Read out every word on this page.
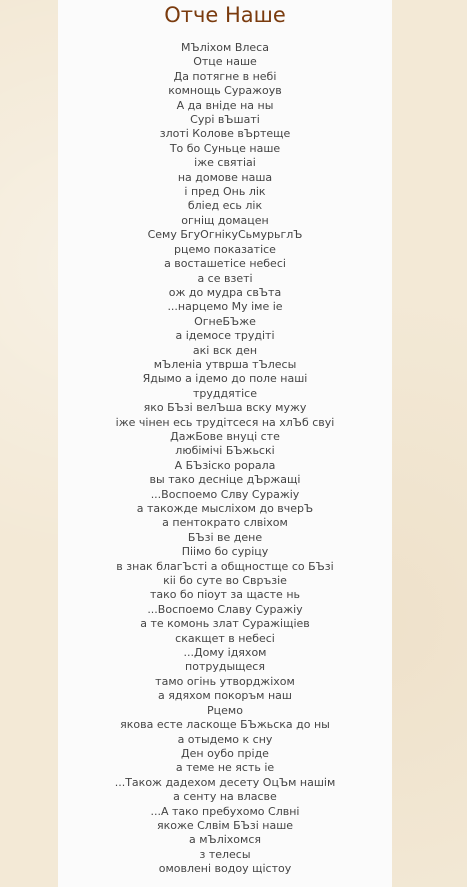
Отче Наше
МЪліхом Влеса
Отце наше
Да потягне в небі
комнощь Суражоув
А да вніде на ны
Сурі вЪшаті
злоті Колове вЪртеще
То бо Суньце наше
іже святіаі
на домове наша
і пред Онь лік
бліед есь лік
огніщ домацен
Сему БгуОгнікуСьмурьглЪ
рцемо показатісе
а восташетісе небесі
а се взеті
ож до мудра свЪта
...нарцемо Му іме іе
ОгнеБЪже
а ідемосе трудіті
акі вск ден
мЪленіа утврша тЪлесы
Ядымо а ідемо до поле наші
труддятісе
яко БЪзі велЪша вску мужу
іже чінен есь трудітсеся на хлЪб свуі
ДажБове внуці сте
любімічі БЪжьскі
А БЪзіско рорала
вы тако десніце дЪржащі
...Воспоемо Слву Суражіу
а такожде мысліхом до вчерЪ
а пентократо слвіхом
БЪзі ве дене
Піімо бо суріцу
в знак благЪсті а общностще со БЪзі
кіі бо суте во Свръзіе
тако бо піоут за щасте нь
...Воспоемо Славу Суражіу
а те комонь злат Суражіщіев
скакщет в небесі
...Дому ідяхом
потрудыщеся
тамо огінь утворджіхом
а ядяхом покоръм наш
Рцемо
якова есте ласкоще БЪжьска до ны
а отыдемо к сну
Ден оубо пріде
а теме не ясть іе
...Також дадехом десету ОцЪм нашім
а сенту на власве
...А тако пребухомо Слвні
якоже Слвім БЪзі наше
а мЪліхомся
з телесы
омовлені водоу щістоу
